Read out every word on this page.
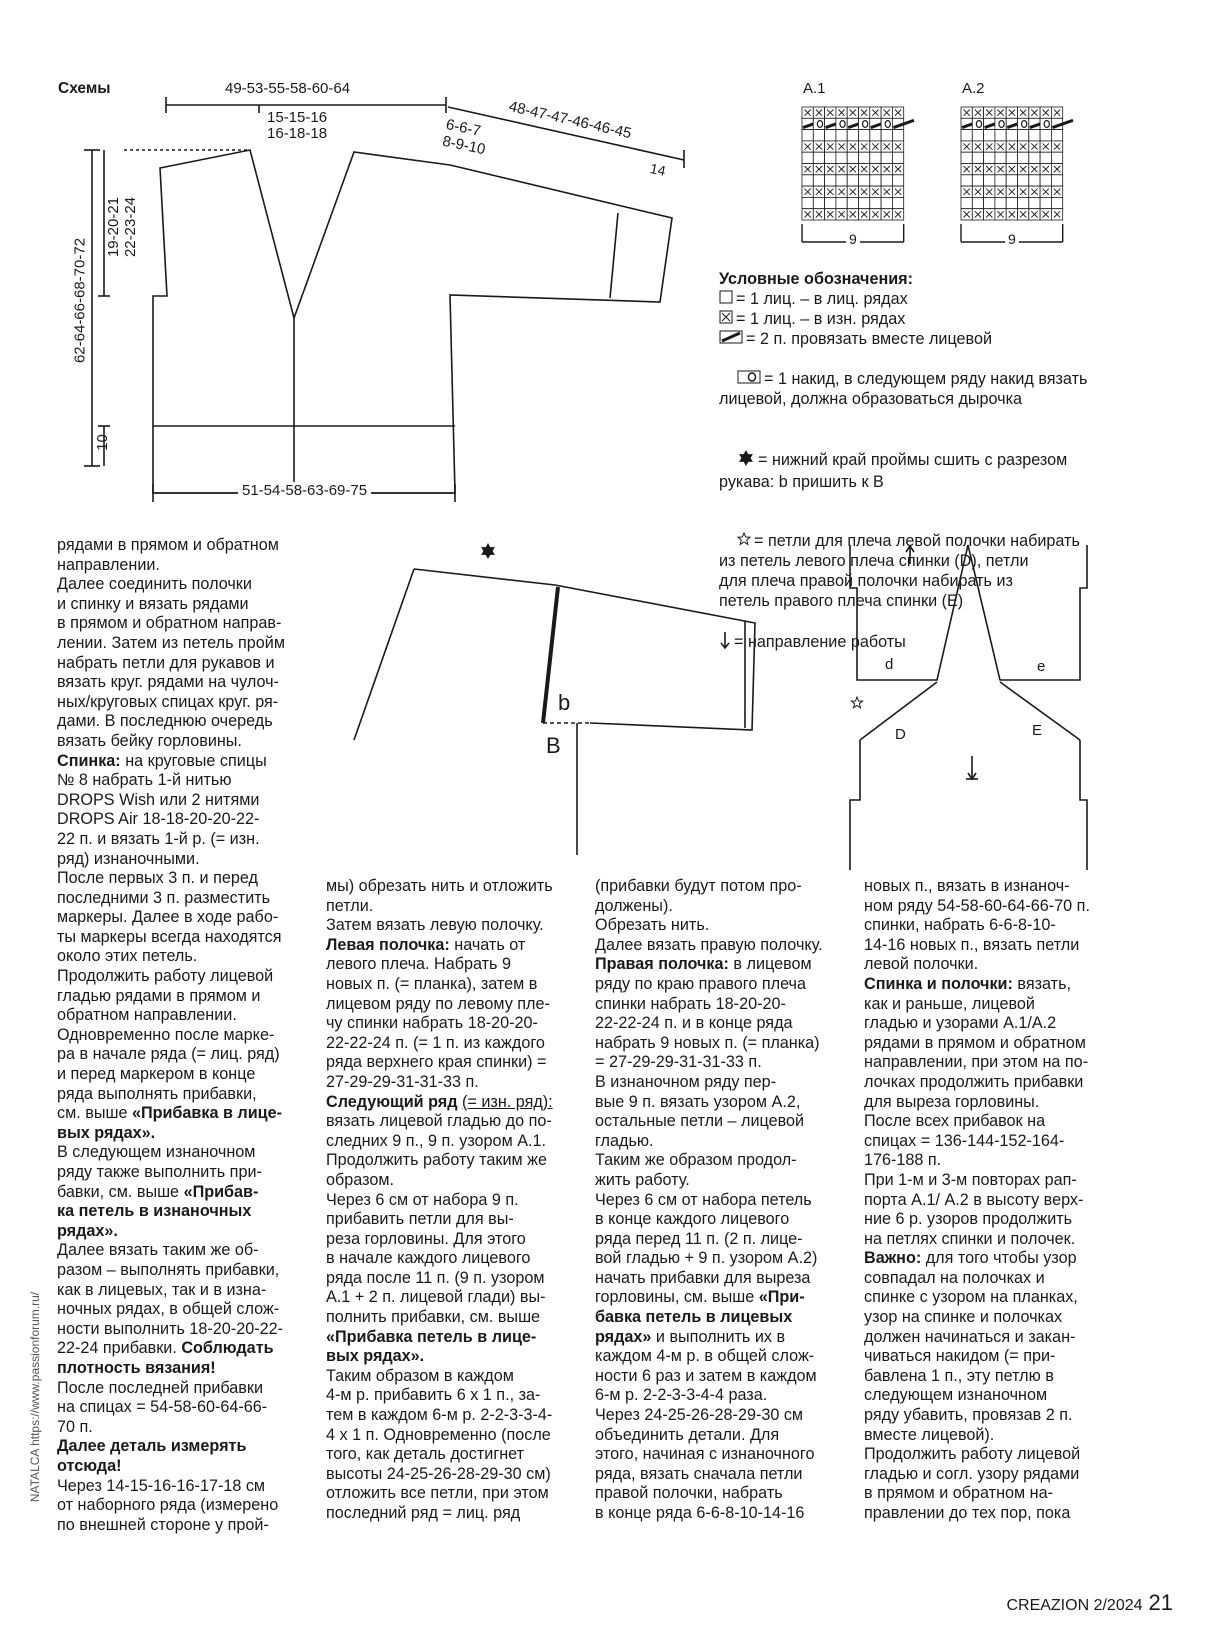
Схемы	49-53-55-58-60-64
15-15-16
16-18-18	6-6-7
8-9-10
48-47-47-46-46-45
14
19-20-21
22-23-24
62-64-66-68-70-72
10
51-54-58-63-69-75
A.1	A.2
9	9
Условные обозначения:
= 1 лиц. – в лиц. рядах
= 1 лиц. – в изн. рядах
= 2 п. провязать вместе лицевой

= 1 накид, в следующем ряду накид вязать
лицевой, должна образоваться дырочка

= нижний край проймы сшить с разрезом
рукава: b пришить к B

= петли для плеча левой полочки набирать
из петель левого плеча спинки (D), петли
для плеча правой полочки набирать из
петель правого плеча спинки (E)

= направление работы
b
B
d	e
D	E

рядами в прямом и обратном
направлении.

Далее соединить полочки
и спинку и вязать рядами
в прямом и обратном направ-
лении. Затем из петель пройм
набрать петли для рукавов и
вязать круг. рядами на чулоч-
ных/круговых спицах круг. ря-
дами. В последнюю очередь
вязать бейку горловины.

Спинка: на круговые спицы
№ 8 набрать 1-й нитью
DROPS Wish или 2 нитями
DROPS Air 18-18-20-20-22-
22 п. и вязать 1-й р. (= изн.
ряд) изнаночными.

После первых 3 п. и перед
последними 3 п. разместить
маркеры. Далее в ходе рабо-
ты маркеры всегда находятся
около этих петель.

Продолжить работу лицевой
гладью рядами в прямом и
обратном направлении.

Одновременно после марке-
ра в начале ряда (= лиц. ряд)
и перед маркером в конце
ряда выполнять прибавки,
см. выше «Прибавка в лице-
вых рядах».

В следующем изнаночном
ряду также выполнить при-
бавки, см. выше «Прибав-
ка петель в изнаночных
рядах».

Далее вязать таким же об-
разом – выполнять прибавки,
как в лицевых, так и в изна-
ночных рядах, в общей слож-
ности выполнить 18-20-20-22-
22-24 прибавки. Соблюдать
плотность вязания!

После последней прибавки
на спицах = 54-58-60-64-66-
70 п.

Далее деталь измерять
отсюда!

Через 14-15-16-16-17-18 см
от наборного ряда (измерено
по внешней стороне у прой-

мы) обрезать нить и отложить
петли.

Затем вязать левую полочку.

Левая полочка: начать от
левого плеча. Набрать 9
новых п. (= планка), затем в
лицевом ряду по левому пле-
чу спинки набрать 18-20-20-
22-22-24 п. (= 1 п. из каждого
ряда верхнего края спинки) =
27-29-29-31-31-33 п.

Следующий ряд (= изн. ряд):
вязать лицевой гладью до по-
следних 9 п., 9 п. узором А.1.
Продолжить работу таким же
образом.

Через 6 см от набора 9 п.
прибавить петли для вы-
реза горловины. Для этого
в начале каждого лицевого
ряда после 11 п. (9 п. узором
А.1 + 2 п. лицевой глади) вы-
полнить прибавки, см. выше
«Прибавка петель в лице-
вых рядах».

Таким образом в каждом
4-м р. прибавить 6 х 1 п., за-
тем в каждом 6-м р. 2-2-3-3-4-
4 х 1 п. Одновременно (после
того, как деталь достигнет
высоты 24-25-26-28-29-30 см)
отложить все петли, при этом
последний ряд = лиц. ряд

(прибавки будут потом про-
должены).

Обрезать нить.

Далее вязать правую полочку.

Правая полочка: в лицевом
ряду по краю правого плеча
спинки набрать 18-20-20-
22-22-24 п. и в конце ряда
набрать 9 новых п. (= планка)
= 27-29-29-31-31-33 п.

В изнаночном ряду пер-
вые 9 п. вязать узором А.2,
остальные петли – лицевой
гладью.

Таким же образом продол-
жить работу.

Через 6 см от набора петель
в конце каждого лицевого
ряда перед 11 п. (2 п. лице-
вой гладью + 9 п. узором А.2)
начать прибавки для выреза
горловины, см. выше «При-
бавка петель в лицевых
рядах» и выполнить их в
каждом 4-м р. в общей слож-
ности 6 раз и затем в каждом
6-м р. 2-2-3-3-4-4 раза.

Через 24-25-26-28-29-30 см
объединить детали. Для
этого, начиная с изнаночного
ряда, вязать сначала петли
правой полочки, набрать
в конце ряда 6-6-8-10-14-16

новых п., вязать в изнаноч-
ном ряду 54-58-60-64-66-70 п.
спинки, набрать 6-6-8-10-
14-16 новых п., вязать петли
левой полочки.

Спинка и полочки: вязать,
как и раньше, лицевой
гладью и узорами А.1/А.2
рядами в прямом и обратном
направлении, при этом на по-
лочках продолжить прибавки
для выреза горловины.

После всех прибавок на
спицах = 136-144-152-164-
176-188 п.

При 1-м и 3-м повторах рап-
порта А.1/ А.2 в высоту верх-
ние 6 р. узоров продолжить
на петлях спинки и полочек.

Важно: для того чтобы узор
совпадал на полочках и
спинке с узором на планках,
узор на спинке и полочках
должен начинаться и закан-
чиваться накидом (= при-
бавлена 1 п., эту петлю в
следующем изнаночном
ряду убавить, провязав 2 п.
вместе лицевой).

Продолжить работу лицевой
гладью и согл. узору рядами
в прямом и обратном на-
правлении до тех пор, пока

NATALCA https://www.passionforum.ru/
CREAZION 2/2024 21
